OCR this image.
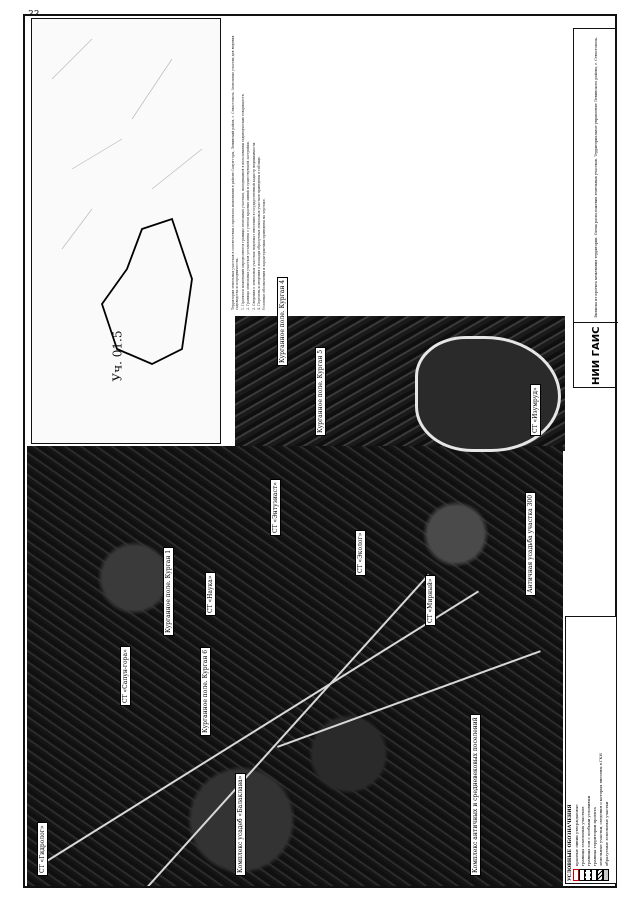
Уч. 01.5

Территория земельных участков в соответствии с проектом межевания в районе Сапун-горы, Ленинский район, г. Севастополь. Земельные участки для ведения садоводства и огородничества. 1. Проектом межевания определяются границы земельных участков, находящихся в пользовании садоводческих товариществ. 2. Границы земельных участков установлены с учетом красных линий и существующей застройки. 3. Сведения о земельных участках подлежат внесению в государственный кадастр недвижимости. 4. Перечень и сведения о площади образуемых земельных участков приведены в таблице. Условные обозначения и характеристики приведены на чертеже.

НИИ ГАИС
Выписка из проекта межевания территории. Схема расположения земельных участков. Территориальное управление Ленинского района, г. Севастополь.
СТ «Гидролог»
СТ «Сапун-гора»
СТ «Наука»
СТ «Энтузиаст»
Курганное поле. Курган 1
Курганное поле. Курган 4
Курганное поле. Курган 5
Курганное поле. Курган 6
Комплекс усадеб «Балаклава»	Комплекс античных и средневековых поселений
Античная усадьба участка 300
СТ «Изумруд»
СТ «Эколог»
СТ «Мирный»
УСЛОВНЫЕ ОБОЗНАЧЕНИЯ красные линии утверждаемые границы земельных участков границы зон с особыми условиями граница территории проекта земельные участки, сведения о которых внесены в ГКН образуемые земельные участки
